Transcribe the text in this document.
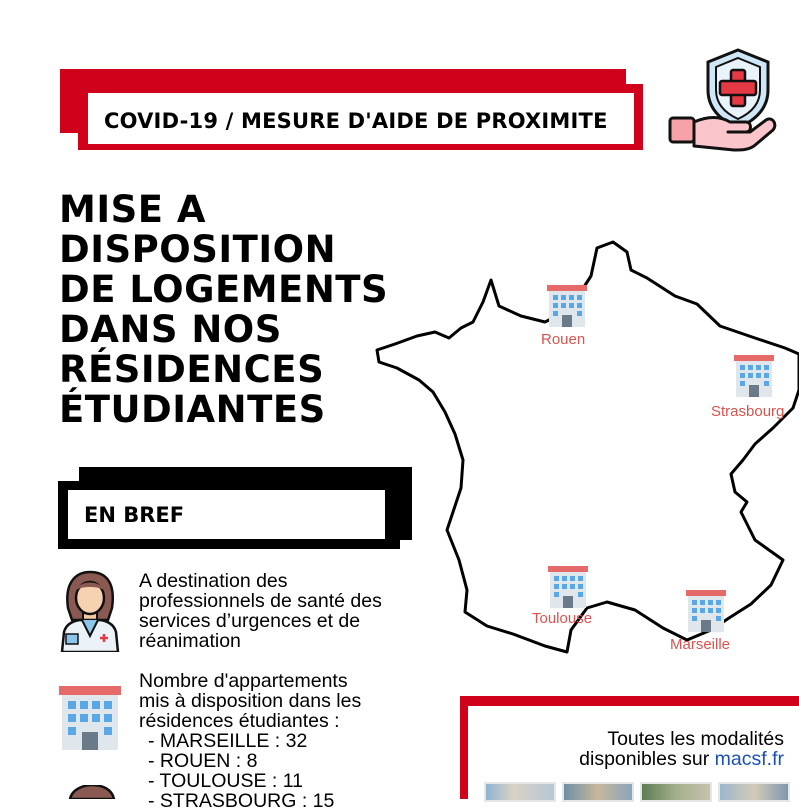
COVID-19 / MESURE D'AIDE DE PROXIMITE
MISE A
DISPOSITION
DE LOGEMENTS
DANS NOS
RÉSIDENCES
ÉTUDIANTES
Rouen
Strasbourg
Toulouse
Marseille
EN BREF
A destination des
professionnels de santé des
services d’urgences et de
réanimation
Nombre d'appartements
mis à disposition dans les
résidences étudiantes :
- MARSEILLE : 32
- ROUEN : 8
- TOULOUSE : 11
- STRASBOURG : 15
Toutes les modalités
disponibles sur macsf.fr
